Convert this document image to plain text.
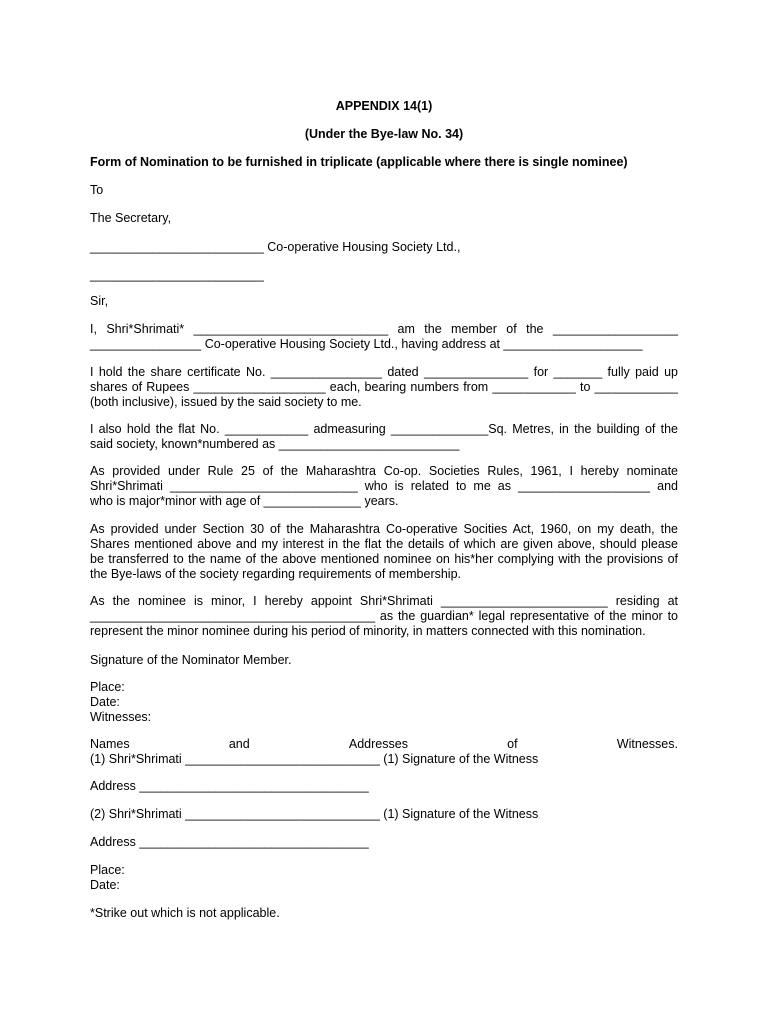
APPENDIX 14(1)
(Under the Bye-law No. 34)
Form of Nomination to be furnished in triplicate (applicable where there is single nominee)
To
The Secretary,
_________________________ Co-operative Housing Society Ltd.,
_________________________
Sir,
I, Shri*Shrimati* ____________________________ am the member of the __________________
________________ Co-operative Housing Society Ltd., having address at ____________________
I hold the share certificate No. ________________ dated _______________ for _______ fully paid up
shares of Rupees ___________________ each, bearing numbers from ____________ to ____________
(both inclusive), issued by the said society to me.
I also hold the flat No. ____________ admeasuring ______________Sq. Metres, in the building of the
said society, known*numbered as __________________________
As provided under Rule 25 of the Maharashtra Co-op. Societies Rules, 1961, I hereby nominate
Shri*Shrimati ___________________________ who is related to me as ___________________ and
who is major*minor with age of ______________ years.
As provided under Section 30 of the Maharashtra Co-operative Socities Act, 1960, on my death, the
Shares mentioned above and my interest in the flat the details of which are given above, should please
be transferred to the name of the above mentioned nominee on his*her complying with the provisions of
the Bye-laws of the society regarding requirements of membership.
As the nominee is minor, I hereby appoint Shri*Shrimati ________________________ residing at
_________________________________________ as the guardian* legal representative of the minor to
represent the minor nominee during his period of minority, in matters connected with this nomination.
Signature of the Nominator Member.
Place:
Date:
Witnesses:
Names	and	Addresses	of	Witnesses.
(1) Shri*Shrimati ____________________________ (1) Signature of the Witness
Address _________________________________
(2) Shri*Shrimati ____________________________ (1) Signature of the Witness
Address _________________________________
Place:
Date:
*Strike out which is not applicable.
